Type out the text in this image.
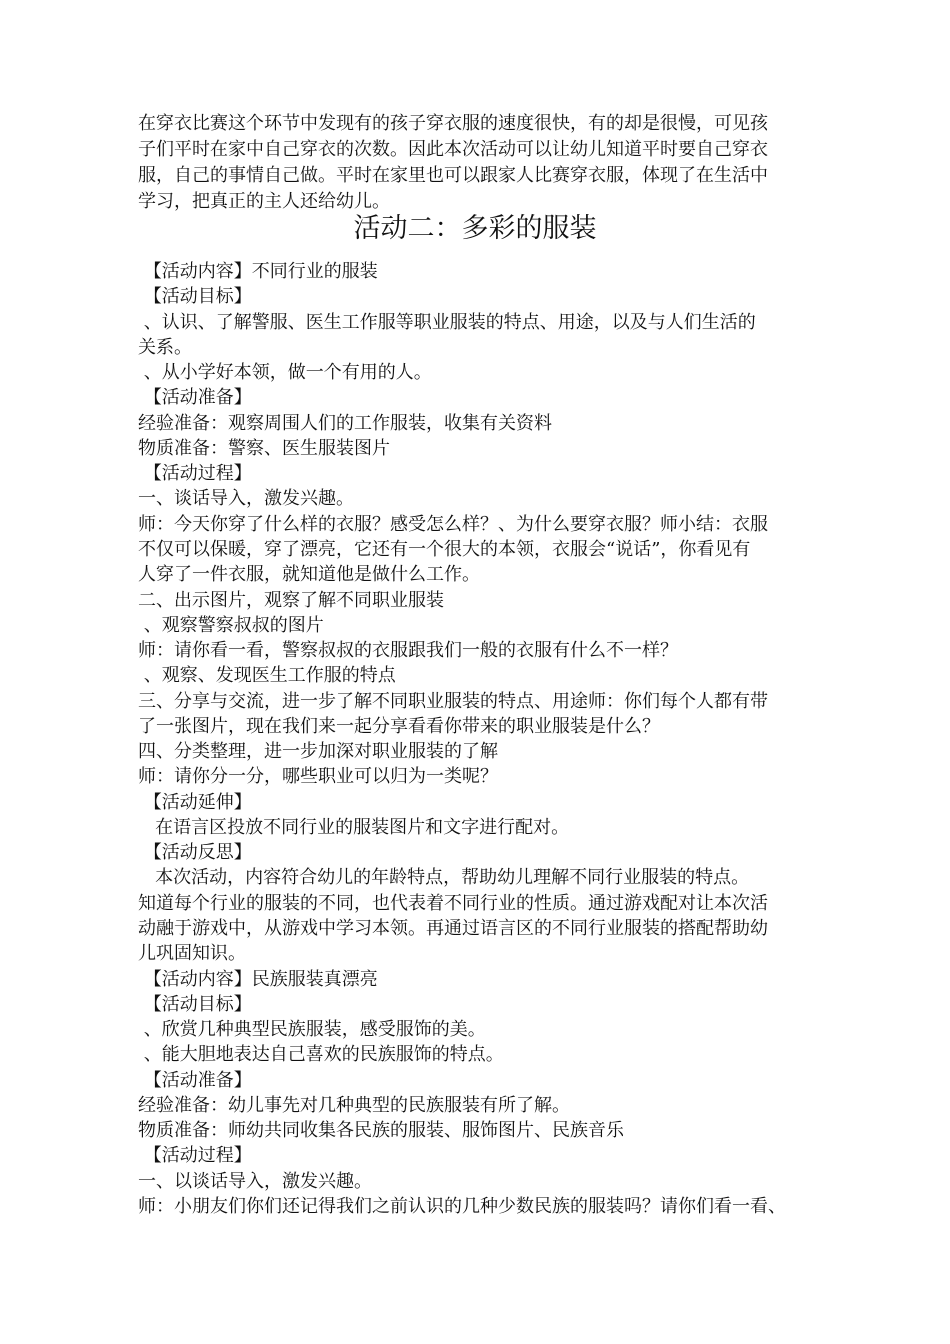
在穿衣比赛这个环节中发现有的孩子穿衣服的速度很快，有的却是很慢，可见孩
子们平时在家中自己穿衣的次数。因此本次活动可以让幼儿知道平时要自己穿衣
服，自己的事情自己做。平时在家里也可以跟家人比赛穿衣服，体现了在生活中
学习，把真正的主人还给幼儿。
活动二：多彩的服装
【活动内容】不同行业的服装
【活动目标】
、认识、了解警服、医生工作服等职业服装的特点、用途，以及与人们生活的
关系。
、从小学好本领，做一个有用的人。
【活动准备】
经验准备：观察周围人们的工作服装，收集有关资料
物质准备：警察、医生服装图片
【活动过程】
一、谈话导入，激发兴趣。
师：今天你穿了什么样的衣服？感受怎么样？、为什么要穿衣服？师小结：衣服
不仅可以保暖，穿了漂亮，它还有一个很大的本领，衣服会“说话”，你看见有
人穿了一件衣服，就知道他是做什么工作。
二、出示图片，观察了解不同职业服装
、观察警察叔叔的图片
师：请你看一看，警察叔叔的衣服跟我们一般的衣服有什么不一样？
、观察、发现医生工作服的特点
三、分享与交流，进一步了解不同职业服装的特点、用途师：你们每个人都有带
了一张图片，现在我们来一起分享看看你带来的职业服装是什么？
四、分类整理，进一步加深对职业服装的了解
师：请你分一分，哪些职业可以归为一类呢？
【活动延伸】
在语言区投放不同行业的服装图片和文字进行配对。
【活动反思】
本次活动，内容符合幼儿的年龄特点，帮助幼儿理解不同行业服装的特点。
知道每个行业的服装的不同，也代表着不同行业的性质。通过游戏配对让本次活
动融于游戏中，从游戏中学习本领。再通过语言区的不同行业服装的搭配帮助幼
儿巩固知识。
【活动内容】民族服装真漂亮
【活动目标】
、欣赏几种典型民族服装，感受服饰的美。
、能大胆地表达自己喜欢的民族服饰的特点。
【活动准备】
经验准备：幼儿事先对几种典型的民族服装有所了解。
物质准备：师幼共同收集各民族的服装、服饰图片、民族音乐
【活动过程】
一、以谈话导入，激发兴趣。
师：小朋友们你们还记得我们之前认识的几种少数民族的服装吗？请你们看一看、
